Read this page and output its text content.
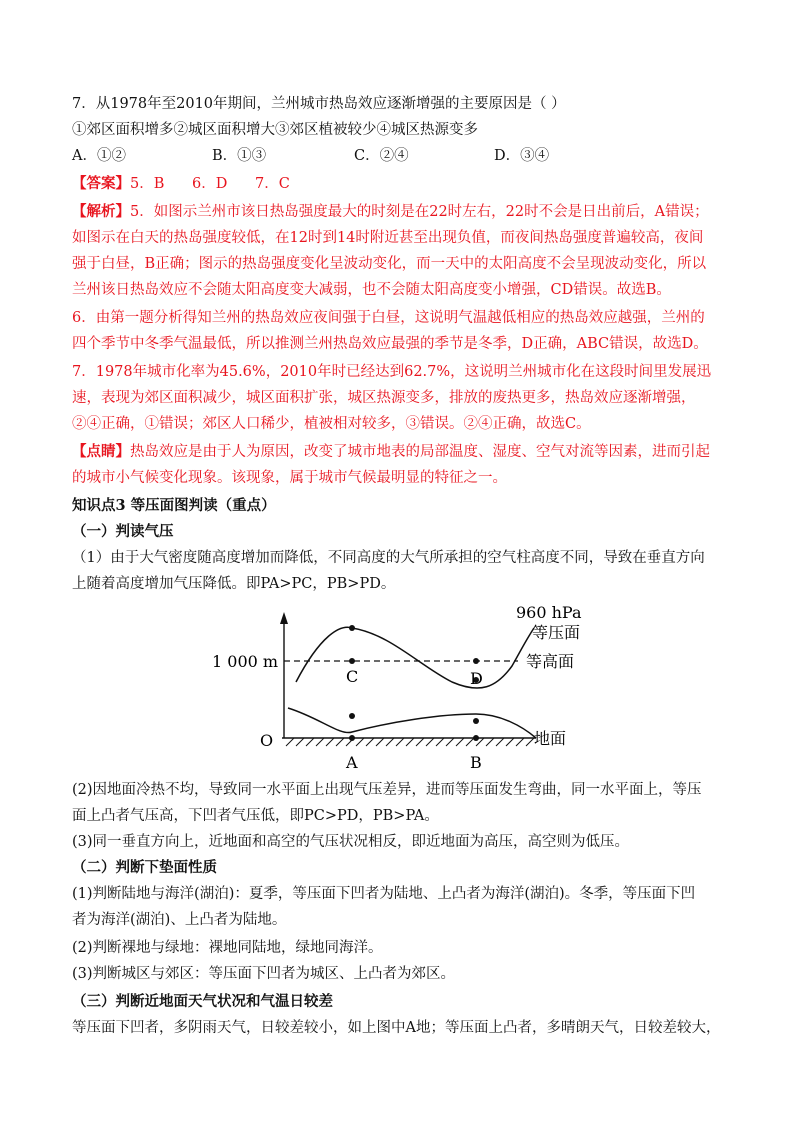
7．从1978年至2010年期间，兰州城市热岛效应逐渐增强的主要原因是（ ）
①郊区面积增多②城区面积增大③郊区植被较少④城区热源变多
A．①②	B．①③	C．②④	D．③④
【答案】5．B      6．D      7．C
【解析】5．如图示兰州市该日热岛强度最大的时刻是在22时左右，22时不会是日出前后，A错误；
如图示在白天的热岛强度较低，在12时到14时附近甚至出现负值，而夜间热岛强度普遍较高，夜间
强于白昼，B正确；图示的热岛强度变化呈波动变化，而一天中的太阳高度不会呈现波动变化，所以
兰州该日热岛效应不会随太阳高度变大减弱，也不会随太阳高度变小增强，CD错误。故选B。
6．由第一题分析得知兰州的热岛效应夜间强于白昼，这说明气温越低相应的热岛效应越强，兰州的
四个季节中冬季气温最低，所以推测兰州热岛效应最强的季节是冬季，D正确，ABC错误，故选D。
7．1978年城市化率为45.6%，2010年时已经达到62.7%，这说明兰州城市化在这段时间里发展迅
速，表现为郊区面积减少，城区面积扩张，城区热源变多，排放的废热更多，热岛效应逐渐增强，
②④正确，①错误；郊区人口稀少，植被相对较多，③错误。②④正确，故选C。
【点睛】热岛效应是由于人为原因，改变了城市地表的局部温度、湿度、空气对流等因素，进而引起
的城市小气候变化现象。该现象，属于城市气候最明显的特征之一。
知识点3 等压面图判读（重点）
（一）判读气压
（1）由于大气密度随高度增加而降低，不同高度的大气所承担的空气柱高度不同，导致在垂直方向
上随着高度增加气压降低。即PA>PC，PB>PD。
960 hPa
等压面
1 000 m	等高面
地面
O
C	D
A	B
(2)因地面冷热不均，导致同一水平面上出现气压差异，进而等压面发生弯曲，同一水平面上，等压
面上凸者气压高，下凹者气压低，即PC>PD，PB>PA。
(3)同一垂直方向上，近地面和高空的气压状况相反，即近地面为高压，高空则为低压。
（二）判断下垫面性质
(1)判断陆地与海洋(湖泊)：夏季，等压面下凹者为陆地、上凸者为海洋(湖泊)。冬季，等压面下凹
者为海洋(湖泊)、上凸者为陆地。
(2)判断裸地与绿地：裸地同陆地，绿地同海洋。
(3)判断城区与郊区：等压面下凹者为城区、上凸者为郊区。
（三）判断近地面天气状况和气温日较差
等压面下凹者，多阴雨天气，日较差较小，如上图中A地；等压面上凸者，多晴朗天气，日较差较大，
